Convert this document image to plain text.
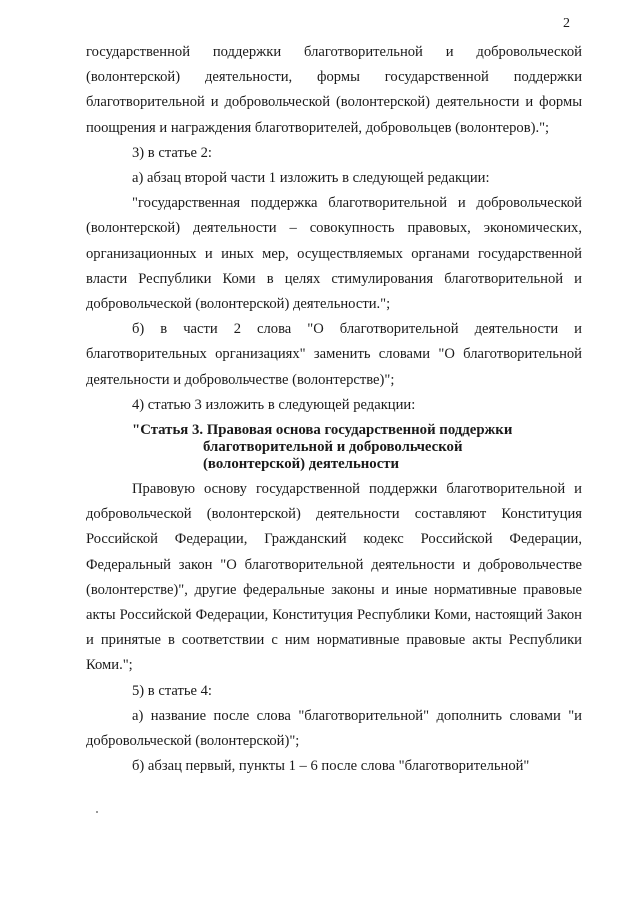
2

государственной поддержки благотворительной и добровольческой (волонтерской) деятельности, формы государственной поддержки благотворительной и добровольческой (волонтерской) деятельности и формы поощрения и награждения благотворителей, добровольцев (волонтеров).";

3) в статье 2:

а) абзац второй части 1 изложить в следующей редакции:

"государственная поддержка благотворительной и добровольческой (волонтерской) деятельности – совокупность правовых, экономических, организационных и иных мер, осуществляемых органами государственной власти Республики Коми в целях стимулирования благотворительной и добровольческой (волонтерской) деятельности.";

б) в части 2 слова "О благотворительной деятельности и благотворительных организациях" заменить словами "О благотворительной деятельности и добровольчестве (волонтерстве)";

4) статью 3 изложить в следующей редакции:

"Статья 3. Правовая основа государственной поддержки
благотворительной и добровольческой
(волонтерской) деятельности

Правовую основу государственной поддержки благотворительной и добровольческой (волонтерской) деятельности составляют Конституция Российской Федерации, Гражданский кодекс Российской Федерации, Федеральный закон "О благотворительной деятельности и добровольчестве (волонтерстве)", другие федеральные законы и иные нормативные правовые акты Российской Федерации, Конституция Республики Коми, настоящий Закон и принятые в соответствии с ним нормативные правовые акты Республики Коми.";

5) в статье 4:

а) название после слова "благотворительной" дополнить словами "и добровольческой (волонтерской)";

б) абзац первый, пункты 1 – 6 после слова "благотворительной"
